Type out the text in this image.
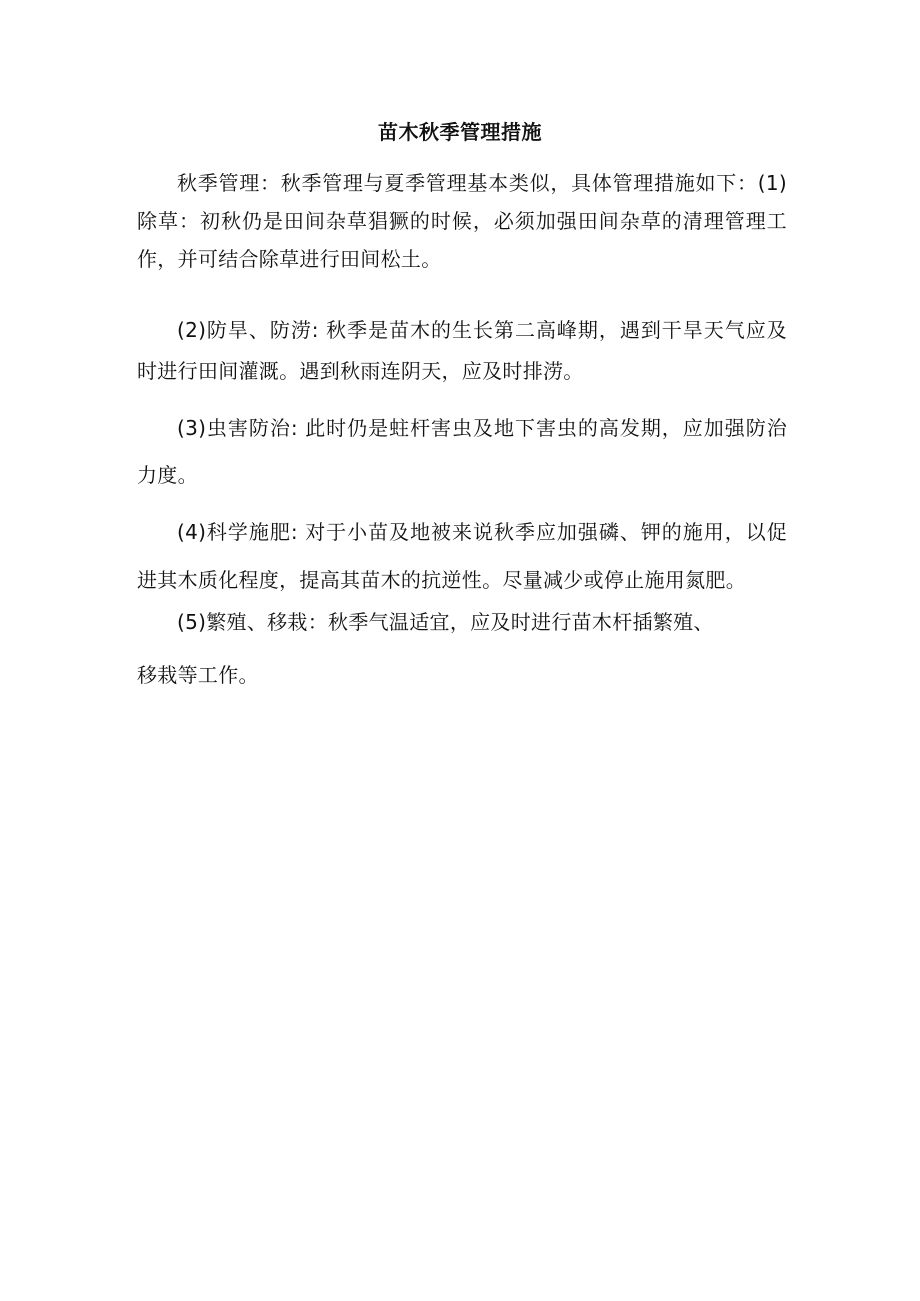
苗木秋季管理措施
秋季管理：秋季管理与夏季管理基本类似，具体管理措施如下：(1)除草：初秋仍是田间杂草猖獗的时候，必须加强田间杂草的清理管理工作，并可结合除草进行田间松土。
(2)防旱、防涝: 秋季是苗木的生长第二高峰期，遇到干旱天气应及时进行田间灌溉。遇到秋雨连阴天，应及时排涝。
(3)虫害防治: 此时仍是蛀杆害虫及地下害虫的高发期，应加强防治力度。
(4)科学施肥: 对于小苗及地被来说秋季应加强磷、钾的施用，以促进其木质化程度，提高其苗木的抗逆性。尽量减少或停止施用氮肥。
(5)繁殖、移栽：秋季气温适宜，应及时进行苗木杆插繁殖、
移栽等工作。
